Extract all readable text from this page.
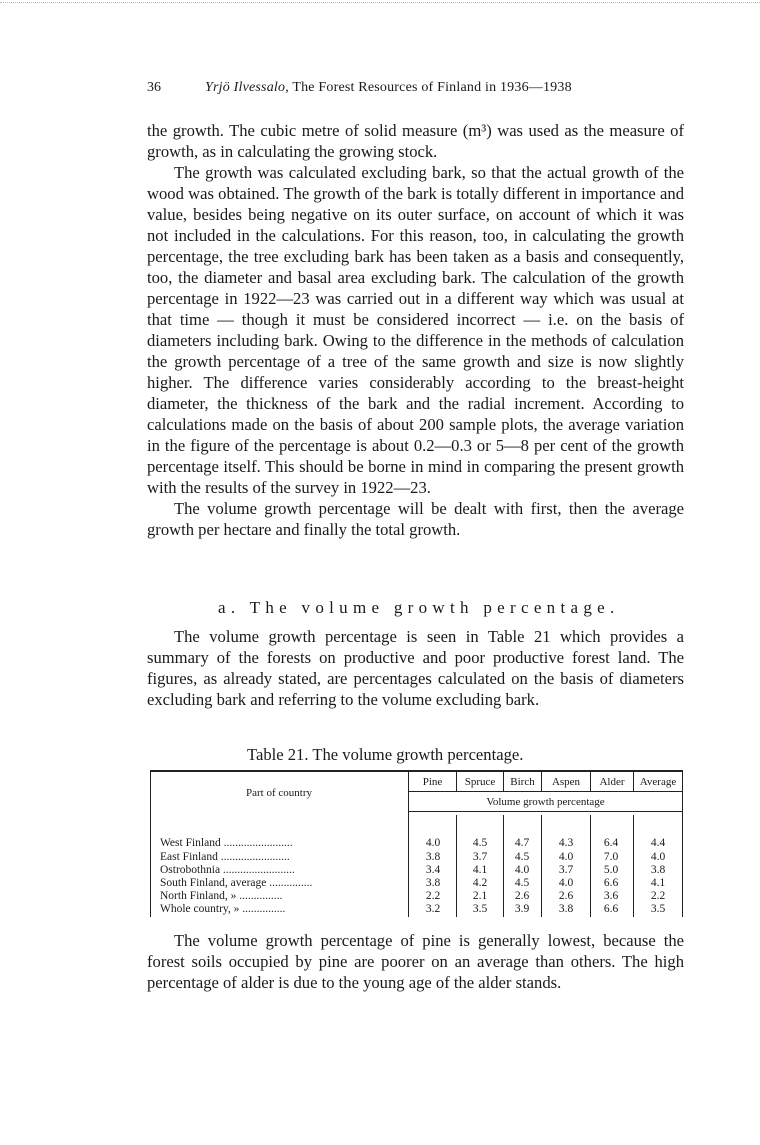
36	Yrjö Ilvessalo, The Forest Resources of Finland in 1936—1938

the growth. The cubic metre of solid measure (m³) was used as the measure of growth, as in calculating the growing stock.

The growth was calculated excluding bark, so that the actual growth of the wood was obtained. The growth of the bark is totally different in importance and value, besides being negative on its outer surface, on account of which it was not included in the calculations. For this reason, too, in calculating the growth percentage, the tree excluding bark has been taken as a basis and consequently, too, the diameter and basal area excluding bark. The calculation of the growth percentage in 1922—23 was carried out in a different way which was usual at that time — though it must be considered incorrect — i.e. on the basis of diameters including bark. Owing to the difference in the methods of calculation the growth percentage of a tree of the same growth and size is now slightly higher. The difference varies considerably according to the breast-height diameter, the thickness of the bark and the radial increment. According to calculations made on the basis of about 200 sample plots, the average variation in the figure of the percentage is about 0.2—0.3 or 5—8 per cent of the growth percentage itself. This should be borne in mind in comparing the present growth with the results of the survey in 1922—23.

The volume growth percentage will be dealt with first, then the average growth per hectare and finally the total growth.

a. The volume growth percentage.

The volume growth percentage is seen in Table 21 which provides a summary of the forests on productive and poor productive forest land. The figures, as already stated, are percentages calculated on the basis of diameters excluding bark and referring to the volume excluding bark.

Table 21. The volume growth percentage.
Part of country
Pine	Spruce	Birch	Aspen	Alder	Average
Volume growth percentage
West Finland ........................	4.0	4.5	4.7	4.3	6.4	4.4
East Finland ........................	3.8	3.7	4.5	4.0	7.0	4.0
Ostrobothnia .........................	3.4	4.1	4.0	3.7	5.0	3.8
South Finland, average ...............	3.8	4.2	4.5	4.0	6.6	4.1
North Finland, » ...............	2.2	2.1	2.6	2.6	3.6	2.2
Whole country, » ...............	3.2	3.5	3.9	3.8	6.6	3.5

The volume growth percentage of pine is generally lowest, because the forest soils occupied by pine are poorer on an average than others. The high percentage of alder is due to the young age of the alder stands.
